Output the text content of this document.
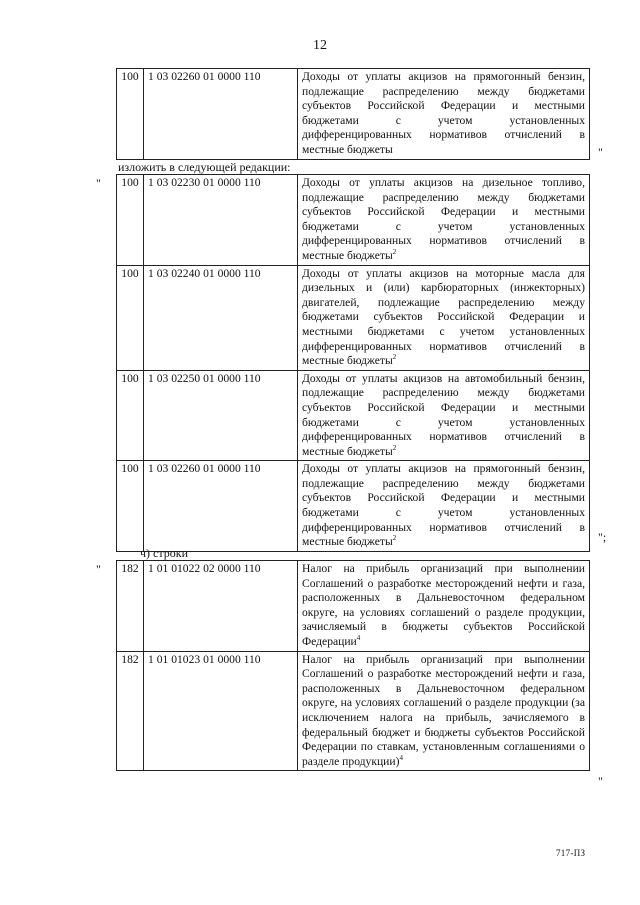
12
100	1 03 02260 01 0000 110	Доходы от уплаты акцизов на прямогонный бензин, подлежащие распределению между бюджетами субъектов Российской Федерации и местными бюджетами с учетом установленных дифференцированных нормативов отчислений в местные бюджеты	"
изложить в следующей редакции:
" 100	1 03 02230 01 0000 110	Доходы от уплаты акцизов на дизельное топливо, подлежащие распределению между бюджетами субъектов Российской Федерации и местными бюджетами с учетом установленных дифференцированных нормативов отчислений в местные бюджеты$^2$
100	1 03 02240 01 0000 110	Доходы от уплаты акцизов на моторные масла для дизельных и (или) карбюраторных (инжекторных) двигателей, подлежащие распределению между бюджетами субъектов Российской Федерации и местными бюджетами с учетом установленных дифференцированных нормативов отчислений в местные бюджеты$^2$
100	1 03 02250 01 0000 110	Доходы от уплаты акцизов на автомобильный бензин, подлежащие распределению между бюджетами субъектов Российской Федерации и местными бюджетами с учетом установленных дифференцированных нормативов отчислений в местные бюджеты$^2$
100	1 03 02260 01 0000 110	Доходы от уплаты акцизов на прямогонный бензин, подлежащие распределению между бюджетами субъектов Российской Федерации и местными бюджетами с учетом установленных дифференцированных нормативов отчислений в местные бюджеты$^2$	";
ч) строки
" 182	1 01 01022 02 0000 110	Налог на прибыль организаций при выполнении Соглашений о разработке месторождений нефти и газа, расположенных в Дальневосточном федеральном округе, на условиях соглашений о разделе продукции, зачисляемый в бюджеты субъектов Российской Федерации$^4$
182	1 01 01023 01 0000 110	Налог на прибыль организаций при выполнении Соглашений о разработке месторождений нефти и газа, расположенных в Дальневосточном федеральном округе, на условиях соглашений о разделе продукции (за исключением налога на прибыль, зачисляемого в федеральный бюджет и бюджеты субъектов Российской Федерации по ставкам, установленным соглашениями о разделе продукции)$^4$
"
717-ПЗ
